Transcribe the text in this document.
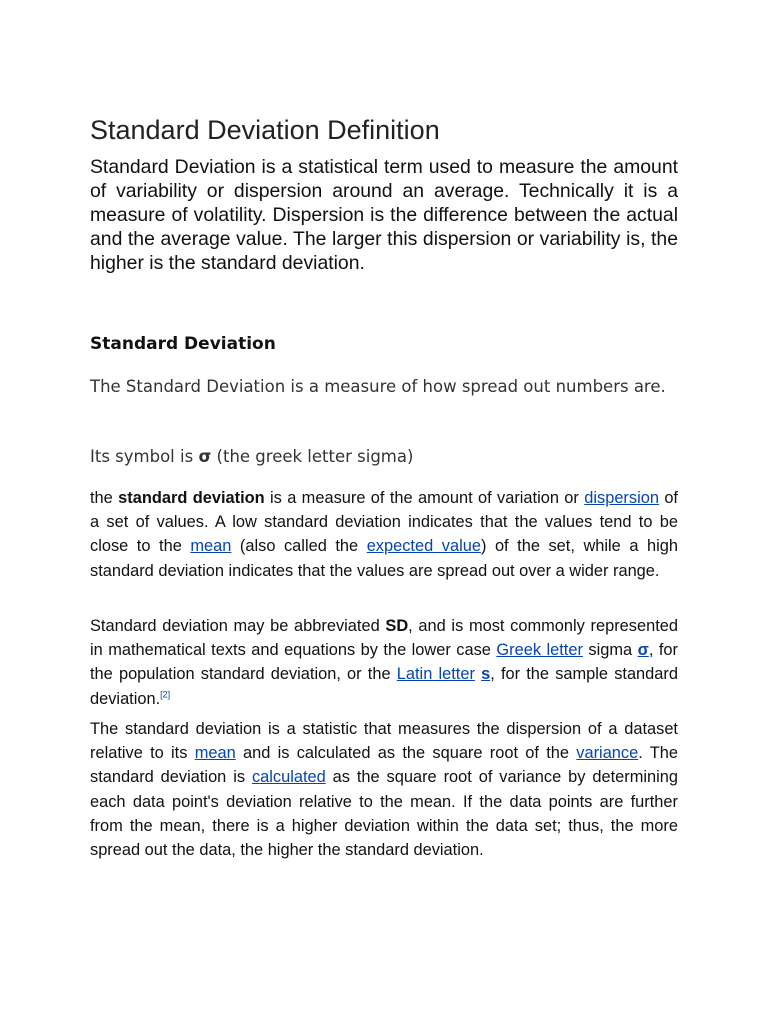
Standard Deviation Definition

Standard Deviation is a statistical term used to measure the amount of variability or dispersion around an average. Technically it is a measure of volatility. Dispersion is the difference between the actual and the average value. The larger this dispersion or variability is, the higher is the standard deviation.

Standard Deviation

The Standard Deviation is a measure of how spread out numbers are.

Its symbol is σ (the greek letter sigma)

the standard deviation is a measure of the amount of variation or dispersion of a set of values. A low standard deviation indicates that the values tend to be close to the mean (also called the expected value) of the set, while a high standard deviation indicates that the values are spread out over a wider range.

Standard deviation may be abbreviated SD, and is most commonly represented in mathematical texts and equations by the lower case Greek letter sigma σ, for the population standard deviation, or the Latin letter s, for the sample standard deviation.[2]

The standard deviation is a statistic that measures the dispersion of a dataset relative to its mean and is calculated as the square root of the variance. The standard deviation is calculated as the square root of variance by determining each data point's deviation relative to the mean. If the data points are further from the mean, there is a higher deviation within the data set; thus, the more spread out the data, the higher the standard deviation.
